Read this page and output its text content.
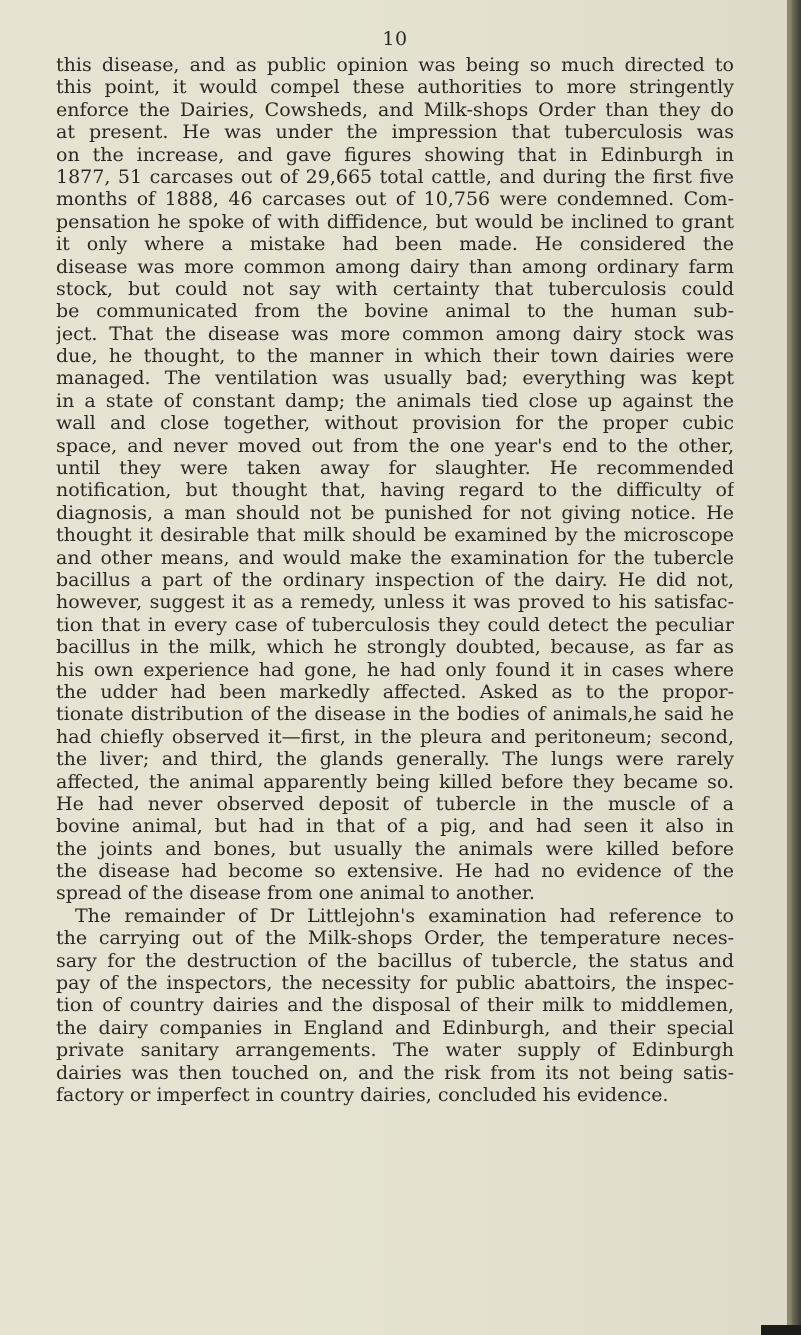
10

this disease, and as public opinion was being so much directed to
this point, it would compel these authorities to more stringently
enforce the Dairies, Cowsheds, and Milk-shops Order than they do
at present. He was under the impression that tuberculosis was
on the increase, and gave figures showing that in Edinburgh in
1877, 51 carcases out of 29,665 total cattle, and during the first five
months of 1888, 46 carcases out of 10,756 were condemned. Com-
pensation he spoke of with diffidence, but would be inclined to grant
it only where a mistake had been made. He considered the
disease was more common among dairy than among ordinary farm
stock, but could not say with certainty that tuberculosis could
be communicated from the bovine animal to the human sub-
ject. That the disease was more common among dairy stock was
due, he thought, to the manner in which their town dairies were
managed. The ventilation was usually bad; everything was kept
in a state of constant damp; the animals tied close up against the
wall and close together, without provision for the proper cubic
space, and never moved out from the one year's end to the other,
until they were taken away for slaughter. He recommended
notification, but thought that, having regard to the difficulty of
diagnosis, a man should not be punished for not giving notice. He
thought it desirable that milk should be examined by the microscope
and other means, and would make the examination for the tubercle
bacillus a part of the ordinary inspection of the dairy. He did not,
however, suggest it as a remedy, unless it was proved to his satisfac-
tion that in every case of tuberculosis they could detect the peculiar
bacillus in the milk, which he strongly doubted, because, as far as
his own experience had gone, he had only found it in cases where
the udder had been markedly affected. Asked as to the propor-
tionate distribution of the disease in the bodies of animals,he said he
had chiefly observed it—first, in the pleura and peritoneum; second,
the liver; and third, the glands generally. The lungs were rarely
affected, the animal apparently being killed before they became so.
He had never observed deposit of tubercle in the muscle of a
bovine animal, but had in that of a pig, and had seen it also in
the joints and bones, but usually the animals were killed before
the disease had become so extensive. He had no evidence of the
spread of the disease from one animal to another.
The remainder of Dr Littlejohn's examination had reference to
the carrying out of the Milk-shops Order, the temperature neces-
sary for the destruction of the bacillus of tubercle, the status and
pay of the inspectors, the necessity for public abattoirs, the inspec-
tion of country dairies and the disposal of their milk to middlemen,
the dairy companies in England and Edinburgh, and their special
private sanitary arrangements. The water supply of Edinburgh
dairies was then touched on, and the risk from its not being satis-
factory or imperfect in country dairies, concluded his evidence.
